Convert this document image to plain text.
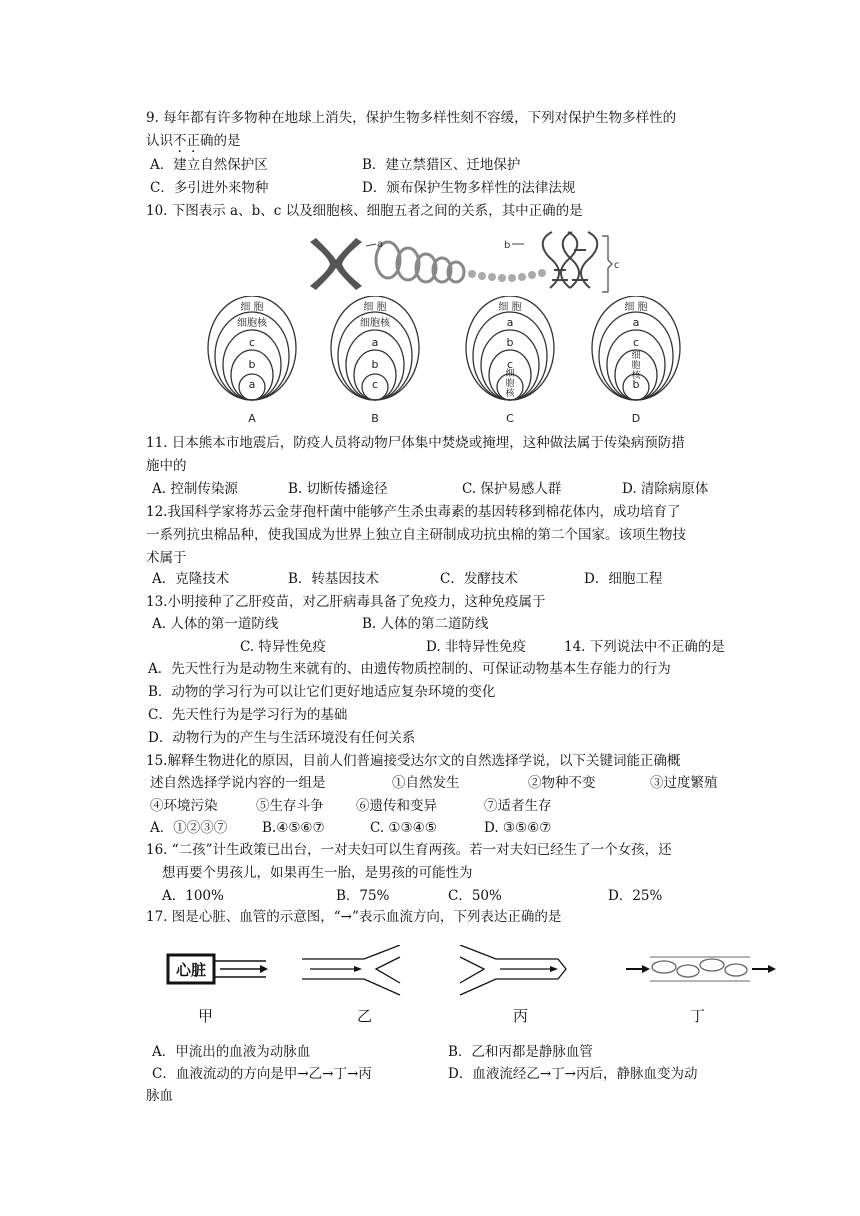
9. 每年都有许多物种在地球上消失，保护生物多样性刻不容缓，下列对保护生物多样性的
认识不正确的是
A．建立自然保护区	B．建立禁猎区、迁地保护
C．多引进外来物种	D．颁布保护生物多样性的法律法规
10. 下图表示 a、b、c 以及细胞核、细胞五者之间的关系，其中正确的是
a	b
c
细 胞
细胞核
c
b
a
A
细 胞
细胞核
a
b
c
B
细 胞
a
b
c
细胞核
C
细 胞
a
c
细胞核
b
D
11. 日本熊本市地震后，防疫人员将动物尸体集中焚烧或掩埋，这种做法属于传染病预防措
施中的
A. 控制传染源	B. 切断传播途径	C. 保护易感人群	D. 清除病原体
12.我国科学家将苏云金芽孢杆菌中能够产生杀虫毒素的基因转移到棉花体内，成功培育了
一系列抗虫棉品种，使我国成为世界上独立自主研制成功抗虫棉的第二个国家。该项生物技
术属于
A．克隆技术	B．转基因技术	C．发酵技术	D．细胞工程
13.小明接种了乙肝疫苗，对乙肝病毒具备了免疫力，这种免疫属于
A. 人体的第一道防线	B. 人体的第二道防线
C. 特异性免疫	D. 非特异性免疫	14. 下列说法中不正确的是
A．先天性行为是动物生来就有的、由遗传物质控制的、可保证动物基本生存能力的行为
B．动物的学习行为可以让它们更好地适应复杂环境的变化
C．先天性行为是学习行为的基础
D．动物行为的产生与生活环境没有任何关系
15.解释生物进化的原因，目前人们普遍接受达尔文的自然选择学说，以下关键词能正确概
述自然选择学说内容的一组是	①自然发生	②物种不变	③过度繁殖
④环境污染	⑤生存斗争 ⑥遗传和变异	⑦适者生存
A．①②③⑦	B.④⑤⑥⑦	C. ①③④⑤	D. ③⑤⑥⑦
16. “二孩”计生政策已出台，一对夫妇可以生育两孩。若一对夫妇已经生了一个女孩，还
想再要个男孩儿，如果再生一胎，是男孩的可能性为
A．100%	B．75%	C．50%	D．25%
17. 图是心脏、血管的示意图，“→”表示血流方向，下列表达正确的是
心脏
甲	乙	丙	丁
A．甲流出的血液为动脉血	B．乙和丙都是静脉血管
C．血液流动的方向是甲→乙→丁→丙	D．血液流经乙→丁→丙后，静脉血变为动
脉血
